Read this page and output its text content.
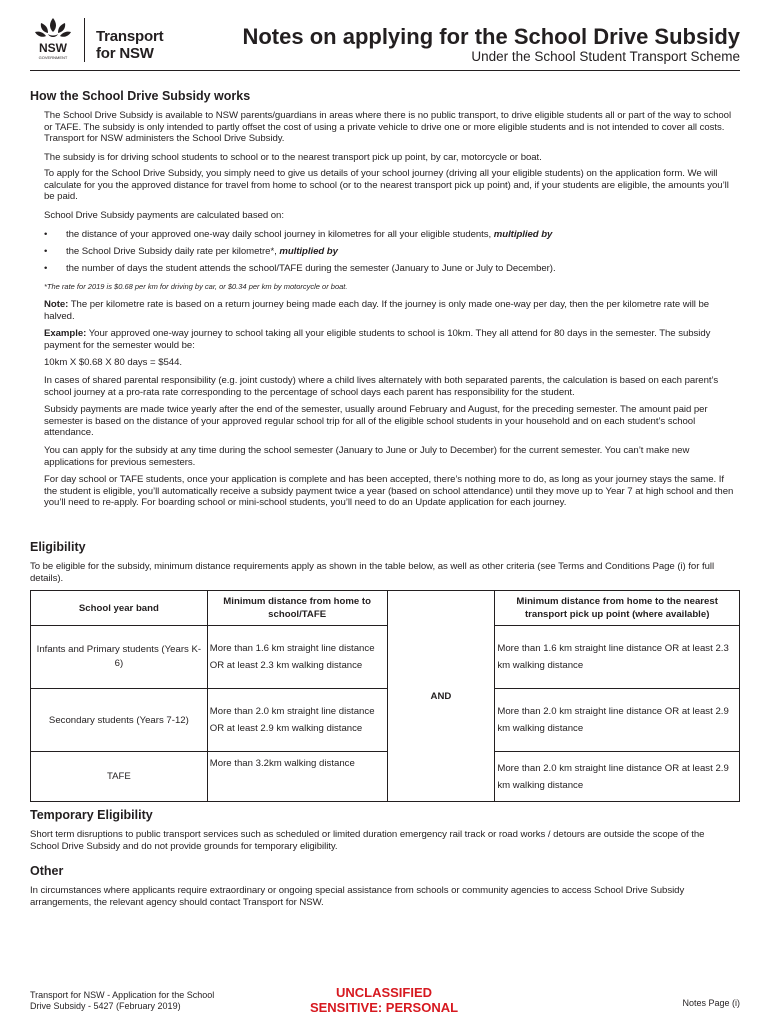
NSW
GOVERNMENT
Transport
for NSW
Notes on applying for the School Drive Subsidy
Under the School Student Transport Scheme
How the School Drive Subsidy works
The School Drive Subsidy is available to NSW parents/guardians in areas where there is no public transport, to drive eligible students all or part of the way to school or TAFE. The subsidy is only intended to partly offset the cost of using a private vehicle to drive one or more eligible students and is not intended to cover all costs. Transport for NSW administers the School Drive Subsidy.
The subsidy is for driving school students to school or to the nearest transport pick up point, by car, motorcycle or boat.
To apply for the School Drive Subsidy, you simply need to give us details of your school journey (driving all your eligible students) on the application form. We will calculate for you the approved distance for travel from home to school (or to the nearest transport pick up point) and, if your students are eligible, the amounts you’ll be paid.
School Drive Subsidy payments are calculated based on:
• the distance of your approved one-way daily school journey in kilometres for all your eligible students, multiplied by
• the School Drive Subsidy daily rate per kilometre*, multiplied by
• the number of days the student attends the school/TAFE during the semester (January to June or July to December).
*The rate for 2019 is $0.68 per km for driving by car, or $0.34 per km by motorcycle or boat.
Note: The per kilometre rate is based on a return journey being made each day. If the journey is only made one-way per day, then the per kilometre rate will be halved.
Example: Your approved one-way journey to school taking all your eligible students to school is 10km. They all attend for 80 days in the semester. The subsidy payment for the semester would be:
10km X $0.68 X 80 days = $544.
In cases of shared parental responsibility (e.g. joint custody) where a child lives alternately with both separated parents, the calculation is based on each parent’s school journey at a pro-rata rate corresponding to the percentage of school days each parent has responsibility for the student.
Subsidy payments are made twice yearly after the end of the semester, usually around February and August, for the preceding semester. The amount paid per semester is based on the distance of your approved regular school trip for all of the eligible school students in your household and on each student’s school attendance.
You can apply for the subsidy at any time during the school semester (January to June or July to December) for the current semester. You can’t make new applications for previous semesters.
For day school or TAFE students, once your application is complete and has been accepted, there’s nothing more to do, as long as your journey stays the same. If the student is eligible, you’ll automatically receive a subsidy payment twice a year (based on school attendance) until they move up to Year 7 at high school and then you’ll need to re-apply. For boarding school or mini-school students, you’ll need to do an Update application for each journey.
Eligibility
To be eligible for the subsidy, minimum distance requirements apply as shown in the table below, as well as other criteria (see Terms and Conditions Page (i) for full details).
School year band	Minimum distance from home to school/TAFE	AND	Minimum distance from home to the nearest transport pick up point (where available)
Infants and Primary students (Years K-6)	More than 1.6 km straight line distance OR at least 2.3 km walking distance		More than 1.6 km straight line distance OR at least 2.3 km walking distance
Secondary students (Years 7-12)	More than 2.0 km straight line distance OR at least 2.9 km walking distance		More than 2.0 km straight line distance OR at least 2.9 km walking distance
TAFE	More than 3.2km walking distance		More than 2.0 km straight line distance OR at least 2.9 km walking distance
Temporary Eligibility
Short term disruptions to public transport services such as scheduled or limited duration emergency rail track or road works / detours are outside the scope of the School Drive Subsidy and do not provide grounds for temporary eligibility.
Other
In circumstances where applicants require extraordinary or ongoing special assistance from schools or community agencies to access School Drive Subsidy arrangements, the relevant agency should contact Transport for NSW.
Transport for NSW - Application for the School
Drive Subsidy - 5427 (February 2019)
UNCLASSIFIED
SENSITIVE: PERSONAL	Notes Page (i)
